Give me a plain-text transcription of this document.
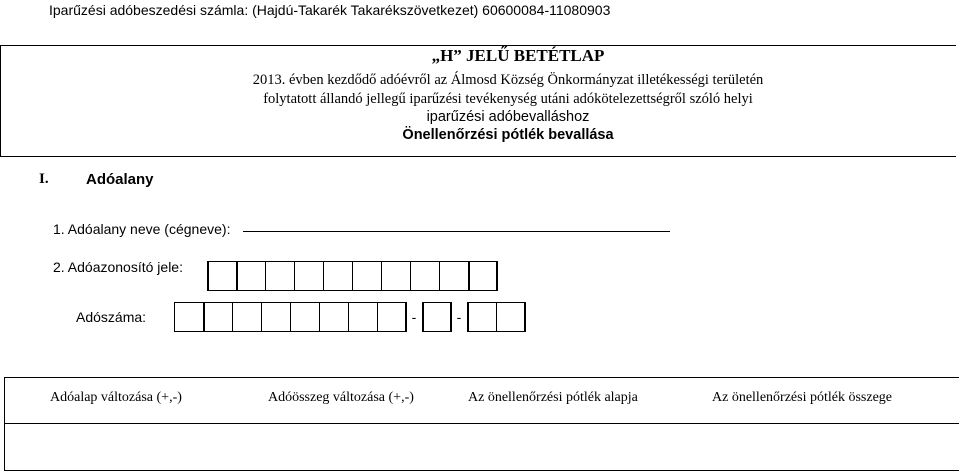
Iparűzési adóbeszedési számla: (Hajdú-Takarék Takarékszövetkezet) 60600084-11080903
„H” JELŰ BETÉTLAP
2013. évben kezdődő adóévről az Álmosd Község Önkormányzat illetékességi területén
folytatott állandó jellegű iparűzési tevékenység utáni adókötelezettségről szóló helyi
iparűzési adóbevalláshoz
Önellenőrzési pótlék bevallása
I. Adóalany
1. Adóalany neve (cégneve):
2. Adóazonosító jele:
Adószáma:	-	-
Adóalap változása (+,-)	Adóösszeg változása (+,-)	Az önellenőrzési pótlék alapja	Az önellenőrzési pótlék összege
